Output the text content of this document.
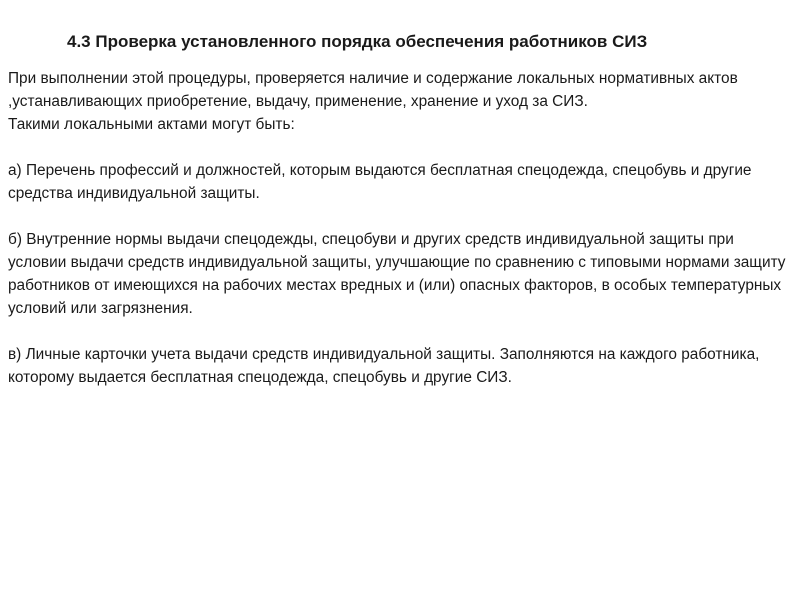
4.3 Проверка установленного порядка обеспечения работников СИЗ

При выполнении этой процедуры, проверяется наличие и содержание локальных нормативных актов ,устанавливающих приобретение, выдачу, применение, хранение и уход за СИЗ.

Такими локальными актами могут быть:

а) Перечень профессий и должностей, которым выдаются бесплатная спецодежда, спецобувь и другие средства индивидуальной защиты.

б) Внутренние нормы выдачи спецодежды, спецобуви и других средств индивидуальной защиты при условии выдачи средств индивидуальной защиты, улучшающие по сравнению с типовыми нормами защиту работников от имеющихся на рабочих местах вредных и (или) опасных факторов, в особых температурных условий или загрязнения.

в) Личные карточки учета выдачи средств индивидуальной защиты. Заполняются на каждого работника, которому выдается бесплатная спецодежда, спецобувь и другие СИЗ.
